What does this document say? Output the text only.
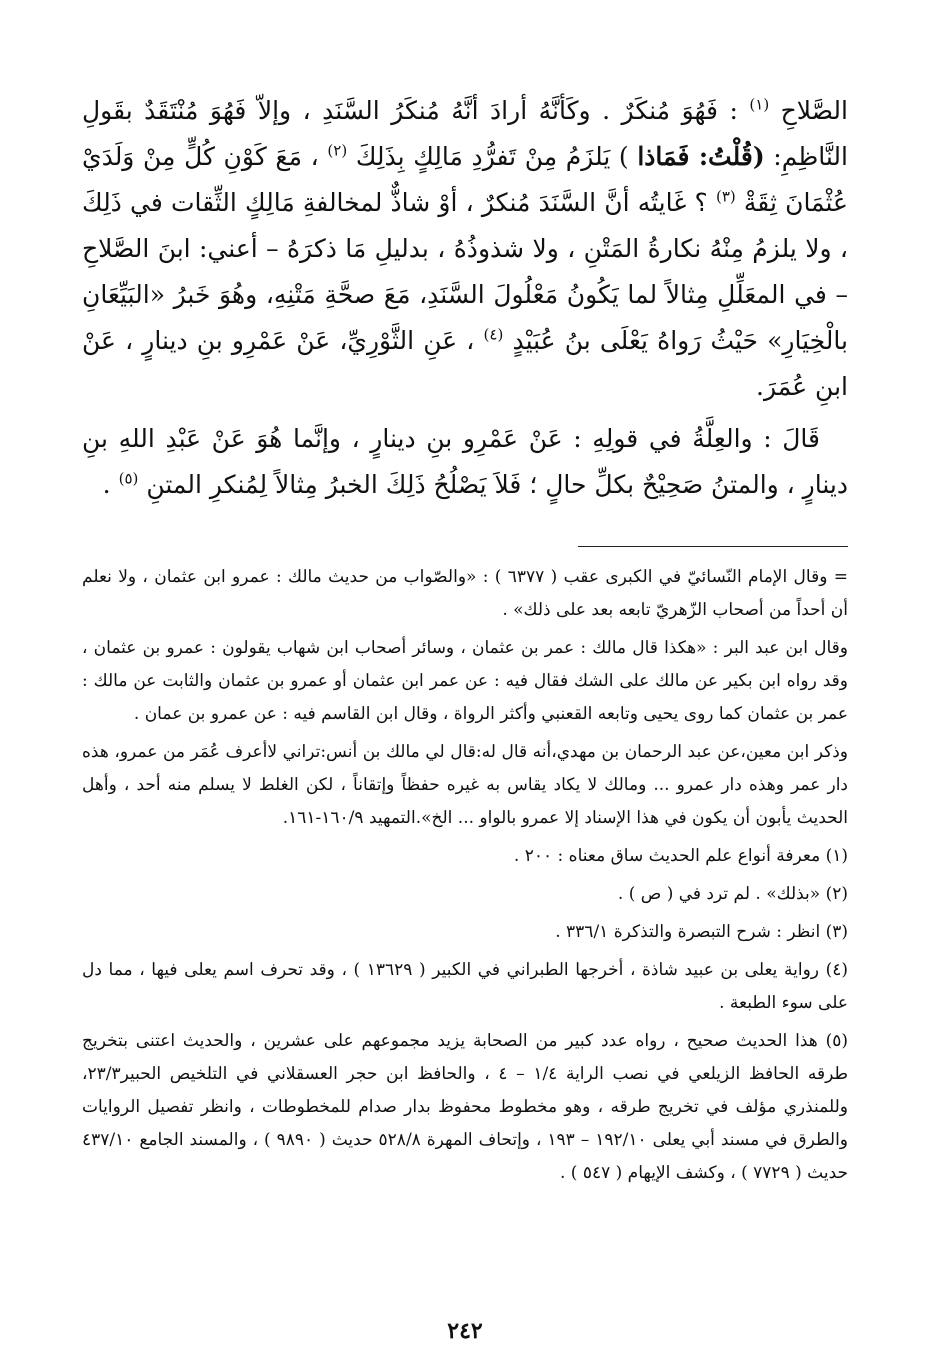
الصَّلاحِ $^{(١)}$ : فَهُوَ مُنكَرٌ . وكَأنَّهُ أرادَ أنَّهُ مُنكَرُ السَّنَدِ ، وإلاّ فَهُوَ مُنْتَقَدٌ بقَولِ النَّاظِمِ: (قُلْتُ: فَمَاذا ) يَلزَمُ مِنْ تَفرُّدِ مَالِكٍ بِذَلِكَ $^{(٢)}$ ، مَعَ كَوْنِ كُلٍّ مِنْ وَلَدَيْ عُثْمَانَ ثِقَةْ $^{(٣)}$ ؟ غَايتُه أنَّ السَّنَدَ مُنكرٌ ، أوْ شاذٌّ لمخالفةِ مَالِكٍ الثِّقات في ذَلِكَ ، ولا يلزمُ مِنْهُ نكارةُ المَتْنِ ، ولا شذوذُهُ ، بدليلِ مَا ذكرَهُ – أعني: ابنَ الصَّلاحِ – في المعَلِّلِ مِثالاً لما يَكُونُ مَعْلُولَ السَّنَدِ، مَعَ صحَّةِ مَتْنِهِ، وهُوَ خَبرُ «البَيِّعَانِ بالْخِيَارِ» حَيْثُ رَواهُ يَعْلَى بنُ عُبَيْدٍ $^{(٤)}$ ، عَنِ الثَّوْرِيِّ، عَنْ عَمْرِو بنِ دينارٍ ، عَنْ ابنِ عُمَرَ.

قَالَ : والعِلَّةُ في قولِهِ : عَنْ عَمْرِو بنِ دينارٍ ، وإنَّما هُوَ عَنْ عَبْدِ اللهِ بنِ دينارٍ ، والمتنُ صَحِيْحٌ بكلِّ حالٍ ؛ فَلاَ يَصْلُحُ ذَلِكَ الخبرُ مِثالاً لِمُنكرِ المتنِ $^{(٥)}$ .

= وقال الإمام النّسائيّ في الكبرى عقب ( ٦٣٧٧ ) : «والصّواب من حديث مالك : عمرو ابن عثمان ، ولا نعلم أن أحداً من أصحاب الزّهريّ تابعه بعد على ذلك» .

وقال ابن عبد البر : «هكذا قال مالك : عمر بن عثمان ، وسائر أصحاب ابن شهاب يقولون : عمرو بن عثمان ، وقد رواه ابن بكير عن مالك على الشك فقال فيه : عن عمر ابن عثمان أو عمرو بن عثمان والثابت عن مالك : عمر بن عثمان كما روى يحيى وتابعه القعنبي وأكثر الرواة ، وقال ابن القاسم فيه : عن عمرو بن عمان .

وذكر ابن معين،عن عبد الرحمان بن مهدي،أنه قال له:قال لي مالك بن أنس:تراني لاأعرف عُمَر من عمرو، هذه دار عمر وهذه دار عمرو ... ومالك لا يكاد يقاس به غيره حفظاً وإتقاناً ، لكن الغلط لا يسلم منه أحد ، وأهل الحديث يأبون أن يكون في هذا الإسناد إلا عمرو بالواو ... الخ».التمهيد ١٦٠/٩-١٦١.

(١) معرفة أنواع علم الحديث ساق معناه : ٢٠٠ .

(٢) «بذلك» . لم ترد في ( ص ) .

(٣) انظر : شرح التبصرة والتذكرة ٣٣٦/١ .

(٤) رواية يعلى بن عبيد شاذة ، أخرجها الطبراني في الكبير ( ١٣٦٢٩ ) ، وقد تحرف اسم يعلى فيها ، مما دل على سوء الطبعة .

(٥) هذا الحديث صحيح ، رواه عدد كبير من الصحابة يزيد مجموعهم على عشرين ، والحديث اعتنى بتخريج طرقه الحافظ الزيلعي في نصب الراية ١/٤ – ٤ ، والحافظ ابن حجر العسقلاني في التلخيص الحبير٢٣/٣، وللمنذري مؤلف في تخريج طرقه ، وهو مخطوط محفوظ بدار صدام للمخطوطات ، وانظر تفصيل الروايات والطرق في مسند أبي يعلى ١٩٢/١٠ – ١٩٣ ، وإتحاف المهرة ٥٢٨/٨ حديث ( ٩٨٩٠ ) ، والمسند الجامع ٤٣٧/١٠ حديث ( ٧٧٢٩ ) ، وكشف الإيهام ( ٥٤٧ ) .

٢٤٢
